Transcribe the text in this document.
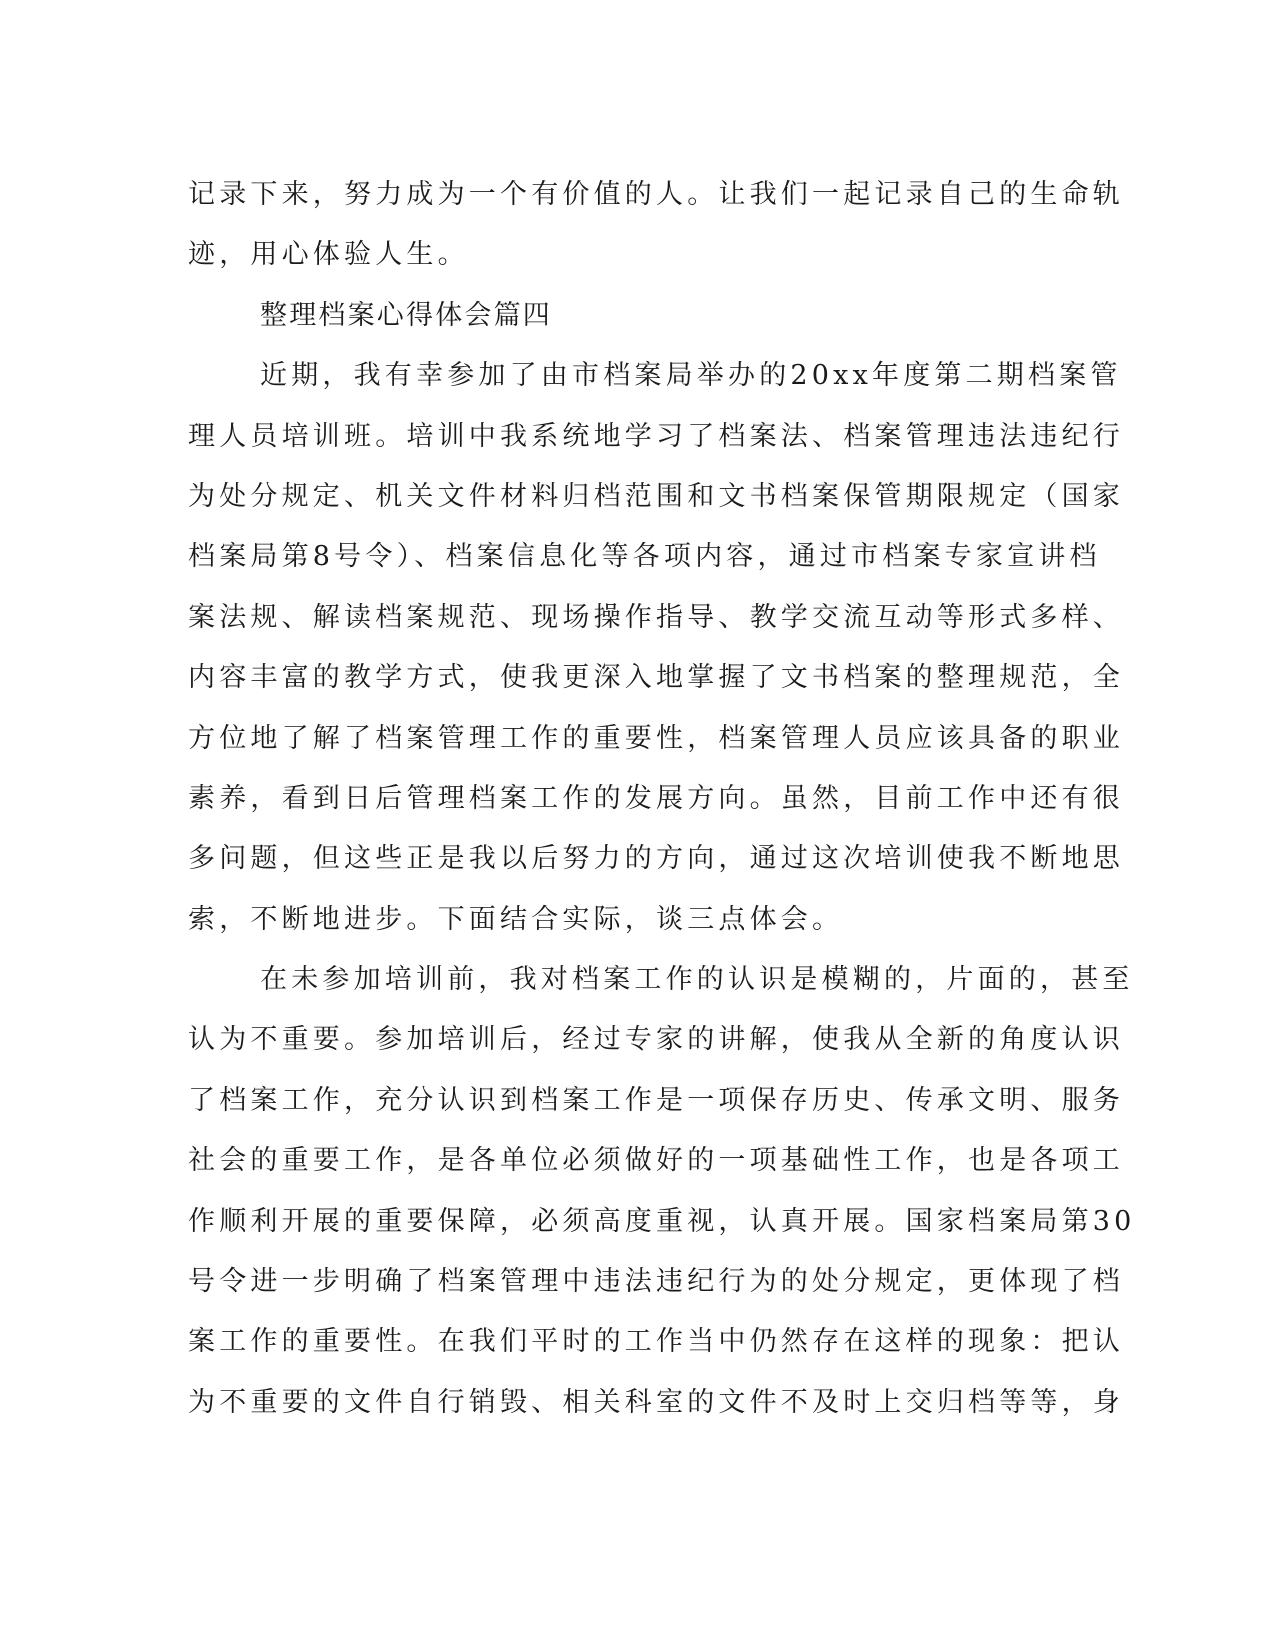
记录下来，努力成为一个有价值的人。让我们一起记录自己的生命轨
迹，用心体验人生。
整理档案心得体会篇四
近期，我有幸参加了由市档案局举办的20xx年度第二期档案管
理人员培训班。培训中我系统地学习了档案法、档案管理违法违纪行
为处分规定、机关文件材料归档范围和文书档案保管期限规定（国家
档案局第8号令）、档案信息化等各项内容，通过市档案专家宣讲档
案法规、解读档案规范、现场操作指导、教学交流互动等形式多样、
内容丰富的教学方式，使我更深入地掌握了文书档案的整理规范，全
方位地了解了档案管理工作的重要性，档案管理人员应该具备的职业
素养，看到日后管理档案工作的发展方向。虽然，目前工作中还有很
多问题，但这些正是我以后努力的方向，通过这次培训使我不断地思
索，不断地进步。下面结合实际，谈三点体会。
在未参加培训前，我对档案工作的认识是模糊的，片面的，甚至
认为不重要。参加培训后，经过专家的讲解，使我从全新的角度认识
了档案工作，充分认识到档案工作是一项保存历史、传承文明、服务
社会的重要工作，是各单位必须做好的一项基础性工作，也是各项工
作顺利开展的重要保障，必须高度重视，认真开展。国家档案局第30
号令进一步明确了档案管理中违法违纪行为的处分规定，更体现了档
案工作的重要性。在我们平时的工作当中仍然存在这样的现象：把认
为不重要的文件自行销毁、相关科室的文件不及时上交归档等等，身
